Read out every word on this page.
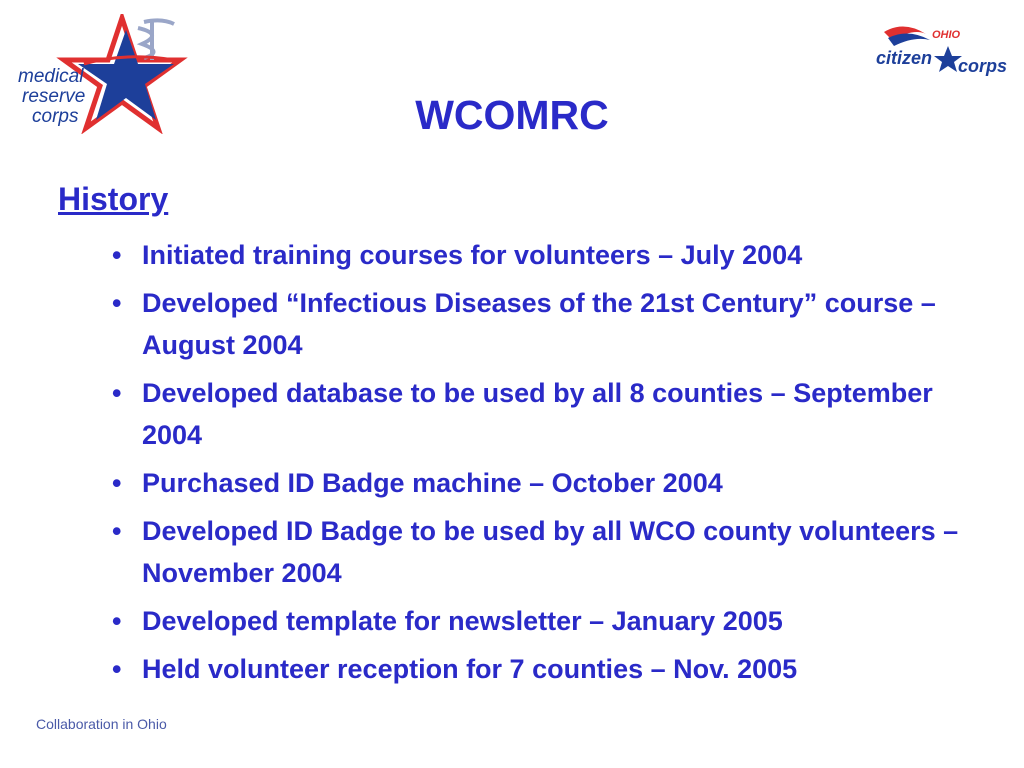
medical
reserve
corps
OHIO
citizen corps
WCOMRC
History
• Initiated training courses for volunteers – July 2004
• Developed “Infectious Diseases of the 21st Century” course – August 2004
• Developed database to be used by all 8 counties – September 2004
• Purchased ID Badge machine – October 2004
• Developed ID Badge to be used by all WCO county volunteers – November 2004
• Developed template for newsletter – January 2005
• Held volunteer reception for 7 counties – Nov. 2005
Collaboration in Ohio
